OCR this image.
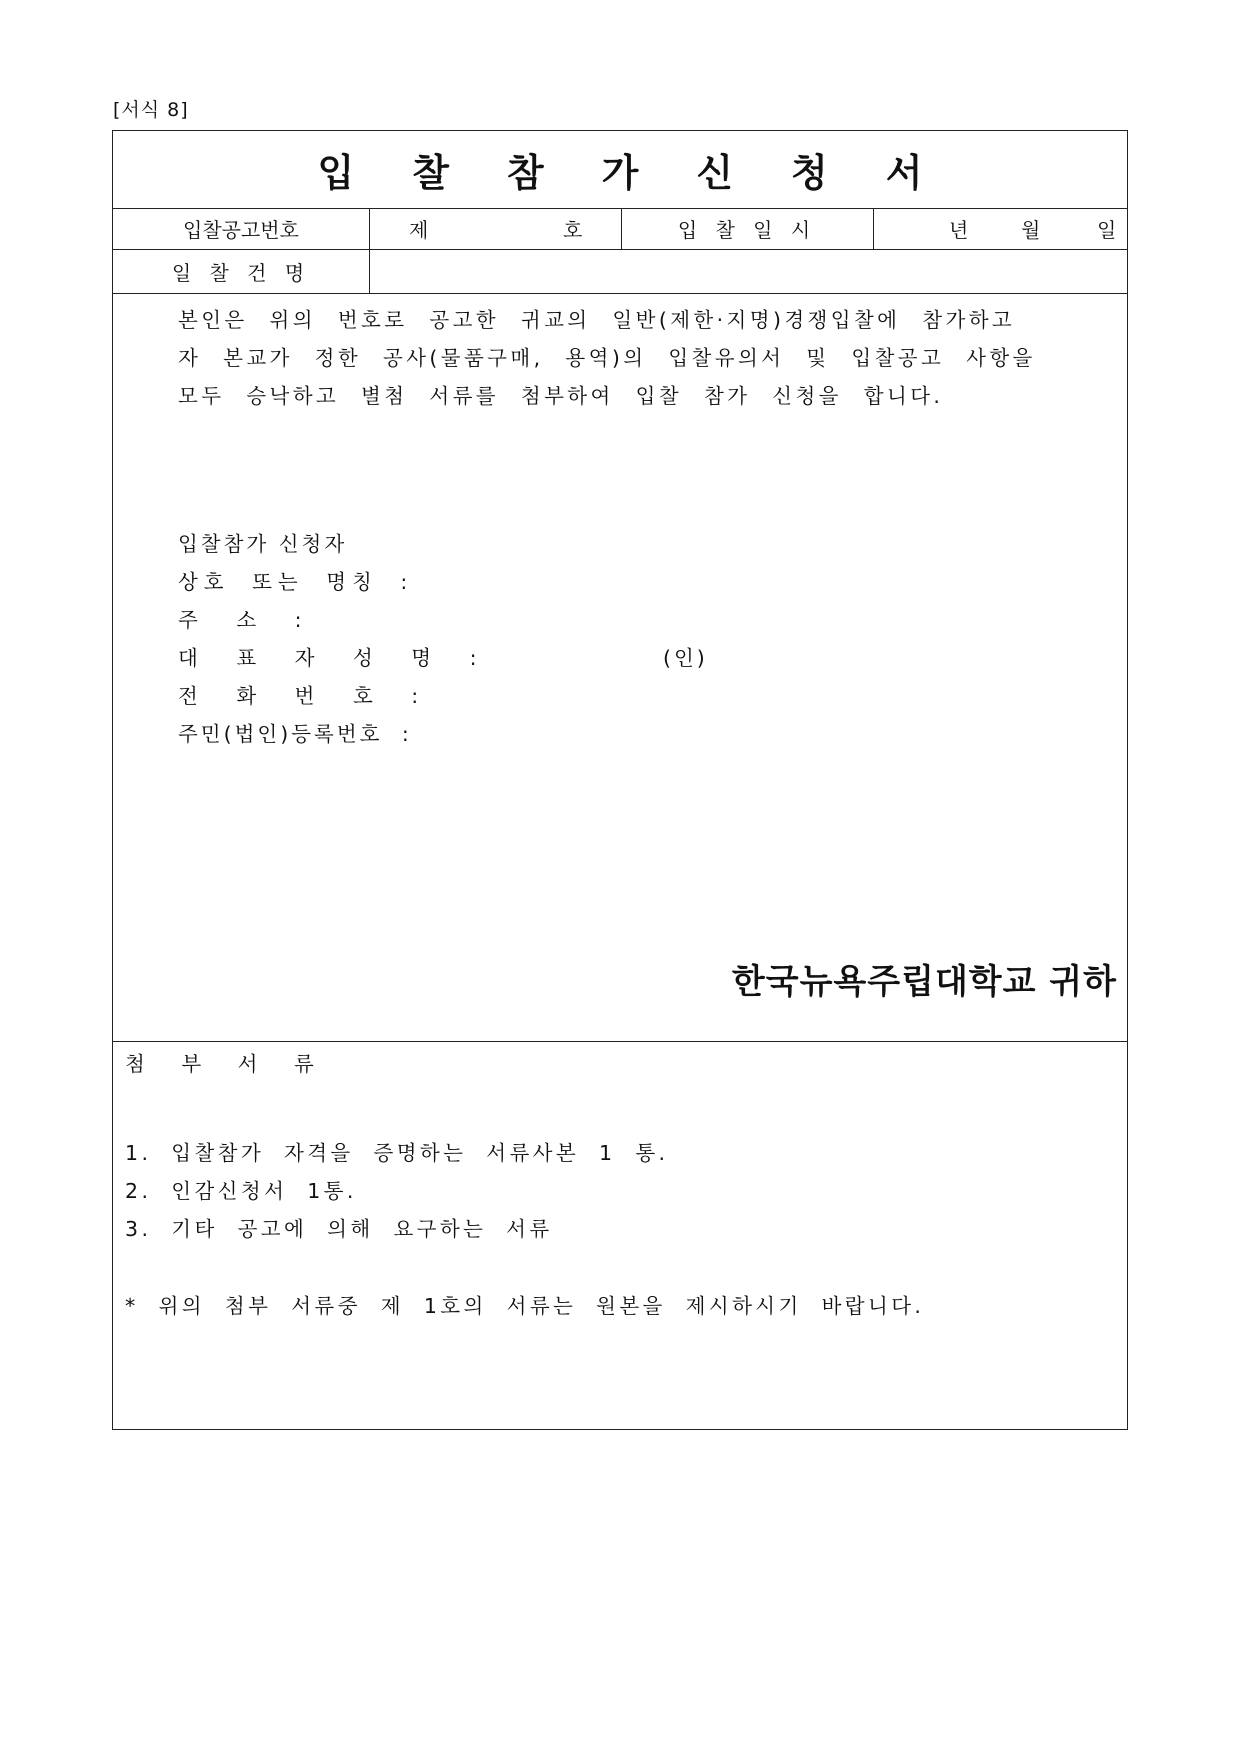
[서식 8]
입찰참가신청서
입찰공고번호	제	호	입 찰 일 시	년	월	일
일 찰 건 명
본인은 위의 번호로 공고한 귀교의 일반(제한·지명)경쟁입찰에 참가하고
자 본교가 정한 공사(물품구매, 용역)의 입찰유의서 및 입찰공고 사항을
모두 승낙하고 별첨 서류를 첨부하여 입찰 참가 신청을 합니다.
입찰참가 신청자
상호 또는 명칭 :
주 소 :
대 표 자 성 명 :	(인)
전 화 번 호 :
주민(법인)등록번호 :
한국뉴욕주립대학교 귀하
첨 부 서 류
1. 입찰참가 자격을 증명하는 서류사본 1 통.
2. 인감신청서 1통.
3. 기타 공고에 의해 요구하는 서류
* 위의 첨부 서류중 제 1호의 서류는 원본을 제시하시기 바랍니다.
